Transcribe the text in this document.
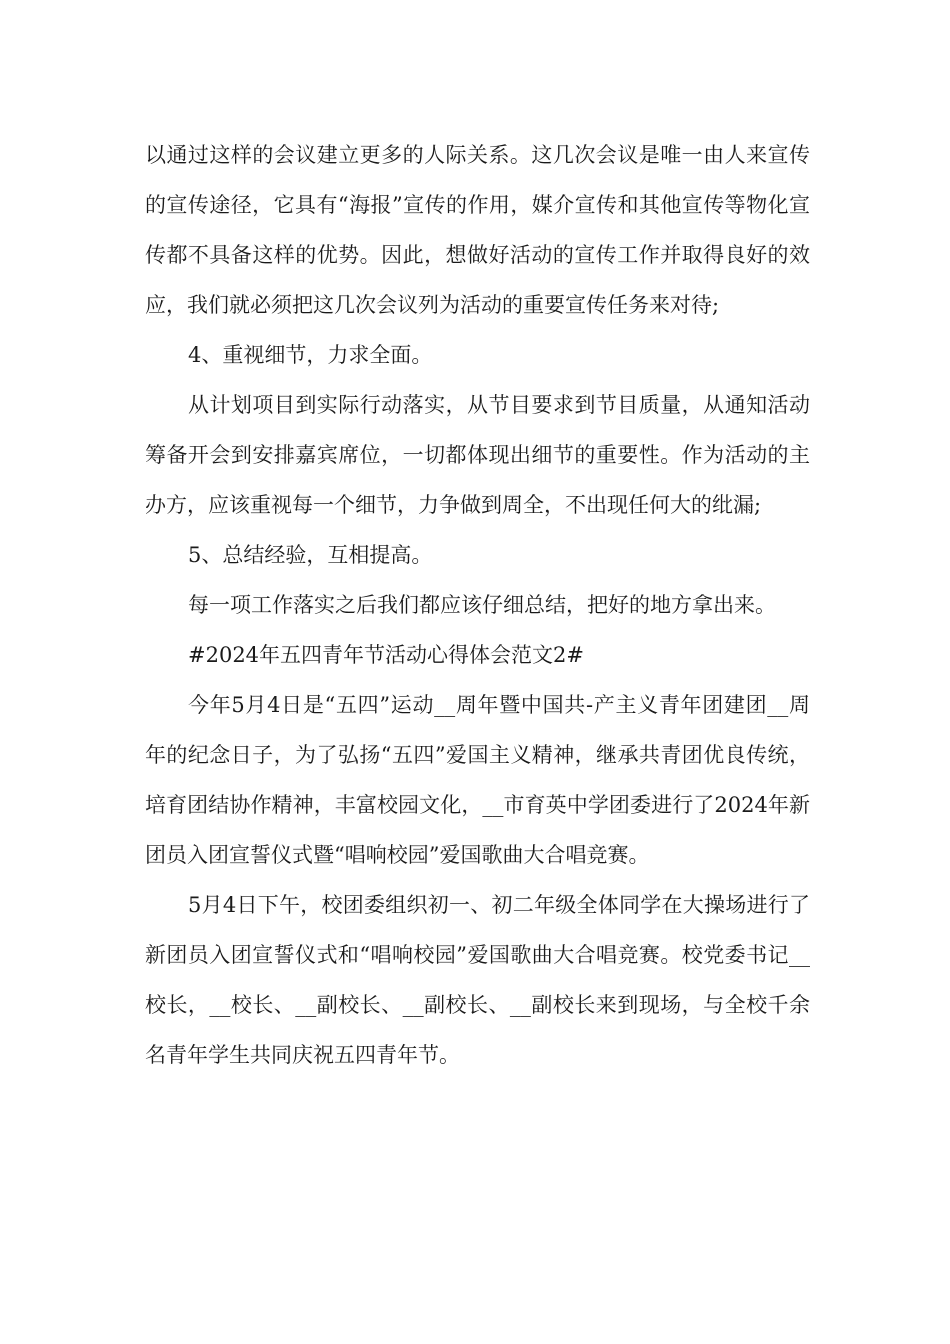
以通过这样的会议建立更多的人际关系。这几次会议是唯一由人来宣传的宣传途径，它具有“海报”宣传的作用，媒介宣传和其他宣传等物化宣传都不具备这样的优势。因此，想做好活动的宣传工作并取得良好的效应，我们就必须把这几次会议列为活动的重要宣传任务来对待;

4、重视细节，力求全面。

从计划项目到实际行动落实，从节目要求到节目质量，从通知活动筹备开会到安排嘉宾席位，一切都体现出细节的重要性。作为活动的主办方，应该重视每一个细节，力争做到周全，不出现任何大的纰漏;

5、总结经验，互相提高。

每一项工作落实之后我们都应该仔细总结，把好的地方拿出来。

#2024年五四青年节活动心得体会范文2#

今年5月4日是“五四”运动__周年暨中国共-产主义青年团建团__周年的纪念日子，为了弘扬“五四”爱国主义精神，继承共青团优良传统，培育团结协作精神，丰富校园文化，__市育英中学团委进行了2024年新团员入团宣誓仪式暨“唱响校园”爱国歌曲大合唱竞赛。

5月4日下午，校团委组织初一、初二年级全体同学在大操场进行了新团员入团宣誓仪式和“唱响校园”爱国歌曲大合唱竞赛。校党委书记__校长，__校长、__副校长、__副校长、__副校长来到现场，与全校千余名青年学生共同庆祝五四青年节。
